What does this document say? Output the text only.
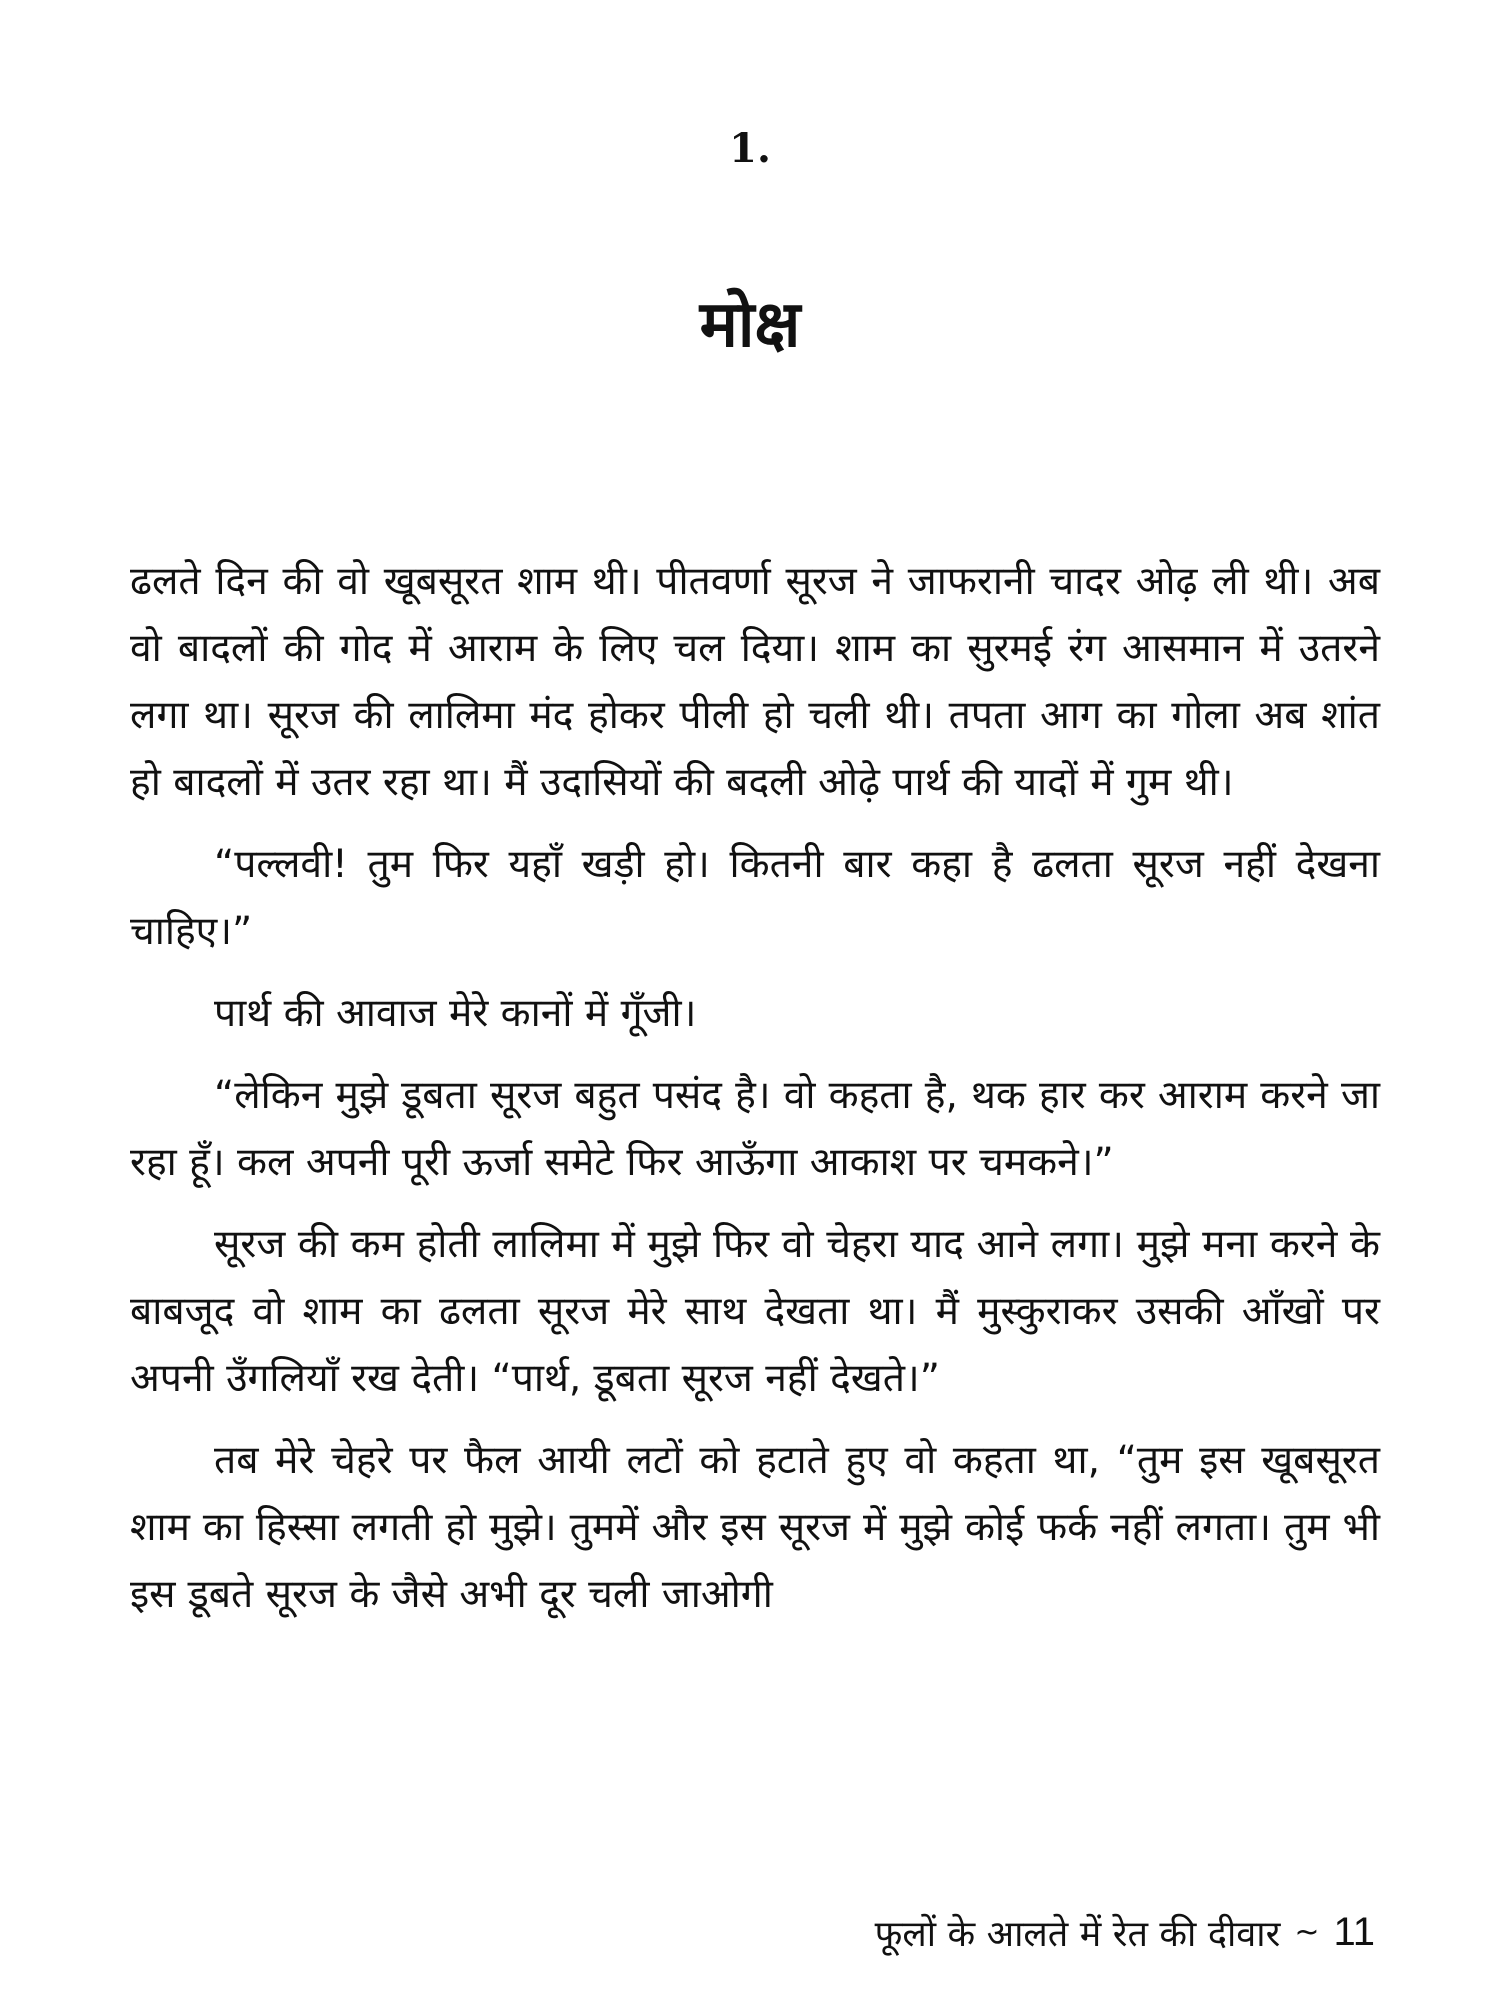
1.
मोक्ष

ढलते दिन की वो खूबसूरत शाम थी। पीतवर्णा सूरज ने जाफरानी चादर ओढ़ ली थी। अब वो बादलों की गोद में आराम के लिए चल दिया। शाम का सुरमई रंग आसमान में उतरने लगा था। सूरज की लालिमा मंद होकर पीली हो चली थी। तपता आग का गोला अब शांत हो बादलों में उतर रहा था। मैं उदासियों की बदली ओढ़े पार्थ की यादों में गुम थी।

“पल्लवी! तुम फिर यहाँ खड़ी हो। कितनी बार कहा है ढलता सूरज नहीं देखना चाहिए।”

पार्थ की आवाज मेरे कानों में गूँजी।

“लेकिन मुझे डूबता सूरज बहुत पसंद है। वो कहता है, थक हार कर आराम करने जा रहा हूँ। कल अपनी पूरी ऊर्जा समेटे फिर आऊँगा आकाश पर चमकने।”

सूरज की कम होती लालिमा में मुझे फिर वो चेहरा याद आने लगा। मुझे मना करने के बाबजूद वो शाम का ढलता सूरज मेरे साथ देखता था। मैं मुस्कुराकर उसकी आँखों पर अपनी उँगलियाँ रख देती। “पार्थ, डूबता सूरज नहीं देखते।”

तब मेरे चेहरे पर फैल आयी लटों को हटाते हुए वो कहता था, “तुम इस खूबसूरत शाम का हिस्सा लगती हो मुझे। तुममें और इस सूरज में मुझे कोई फर्क नहीं लगता। तुम भी इस डूबते सूरज के जैसे अभी दूर चली जाओगी

फूलों के आलते में रेत की दीवार ~ 11
